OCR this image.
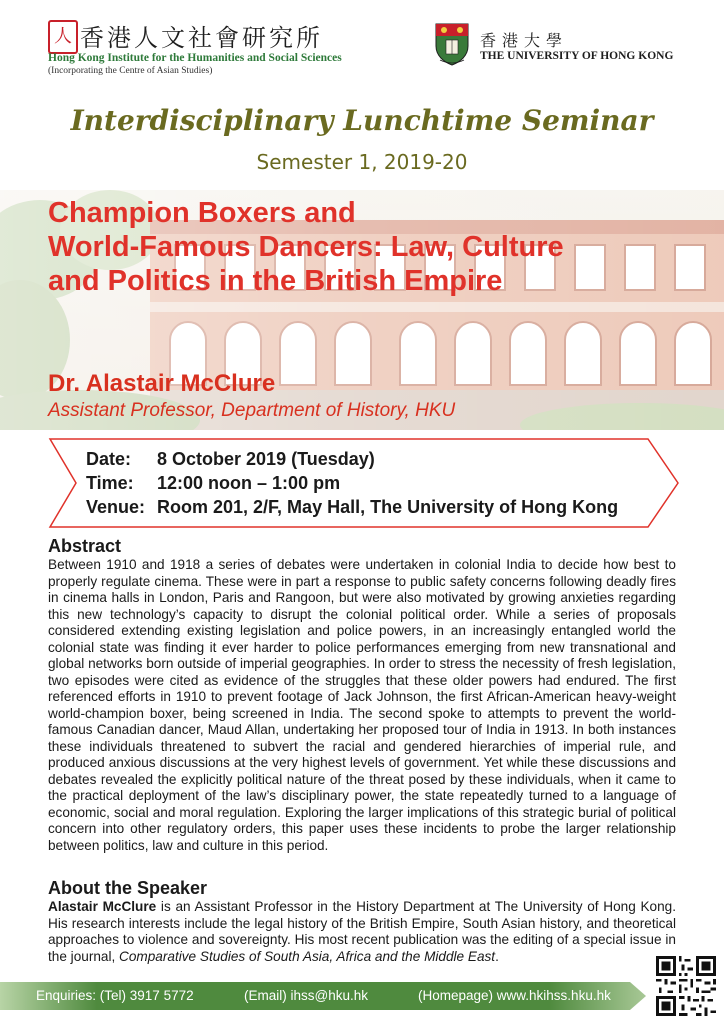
人 香港人文社會研究所
Hong Kong Institute for the Humanities and Social Sciences
(Incorporating the Centre of Asian Studies)
香港大學
THE UNIVERSITY OF HONG KONG
Interdisciplinary Lunchtime Seminar
Semester 1, 2019-20
Champion Boxers and
World-Famous Dancers: Law, Culture
and Politics in the British Empire
Dr. Alastair McClure
Assistant Professor, Department of History, HKU
Date: 8 October 2019 (Tuesday)
Time: 12:00 noon – 1:00 pm
Venue: Room 201, 2/F, May Hall, The University of Hong Kong
Abstract
Between 1910 and 1918 a series of debates were undertaken in colonial India to decide how best to properly regulate cinema. These were in part a response to public safety concerns following deadly fires in cinema halls in London, Paris and Rangoon, but were also motivated by growing anxieties regarding this new technology’s capacity to disrupt the colonial political order. While a series of proposals considered extending existing legislation and police powers, in an increasingly entangled world the colonial state was finding it ever harder to police performances emerging from new transnational and global networks born outside of imperial geographies. In order to stress the necessity of fresh legislation, two episodes were cited as evidence of the struggles that these older powers had endured. The first referenced efforts in 1910 to prevent footage of Jack Johnson, the first African-American heavy-weight world-champion boxer, being screened in India. The second spoke to attempts to prevent the world-famous Canadian dancer, Maud Allan, undertaking her proposed tour of India in 1913. In both instances these individuals threatened to subvert the racial and gendered hierarchies of imperial rule, and produced anxious discussions at the very highest levels of government. Yet while these discussions and debates revealed the explicitly political nature of the threat posed by these individuals, when it came to the practical deployment of the law’s disciplinary power, the state repeatedly turned to a language of economic, social and moral regulation. Exploring the larger implications of this strategic burial of political concern into other regulatory orders, this paper uses these incidents to probe the larger relationship between politics, law and culture in this period.
About the Speaker
Alastair McClure is an Assistant Professor in the History Department at The University of Hong Kong. His research interests include the legal history of the British Empire, South Asian history, and theoretical approaches to violence and sovereignty. His most recent publication was the editing of a special issue in the journal, Comparative Studies of South Asia, Africa and the Middle East.
Enquiries: (Tel) 3917 5772	(Email) ihss@hku.hk	(Homepage) www.hkihss.hku.hk
